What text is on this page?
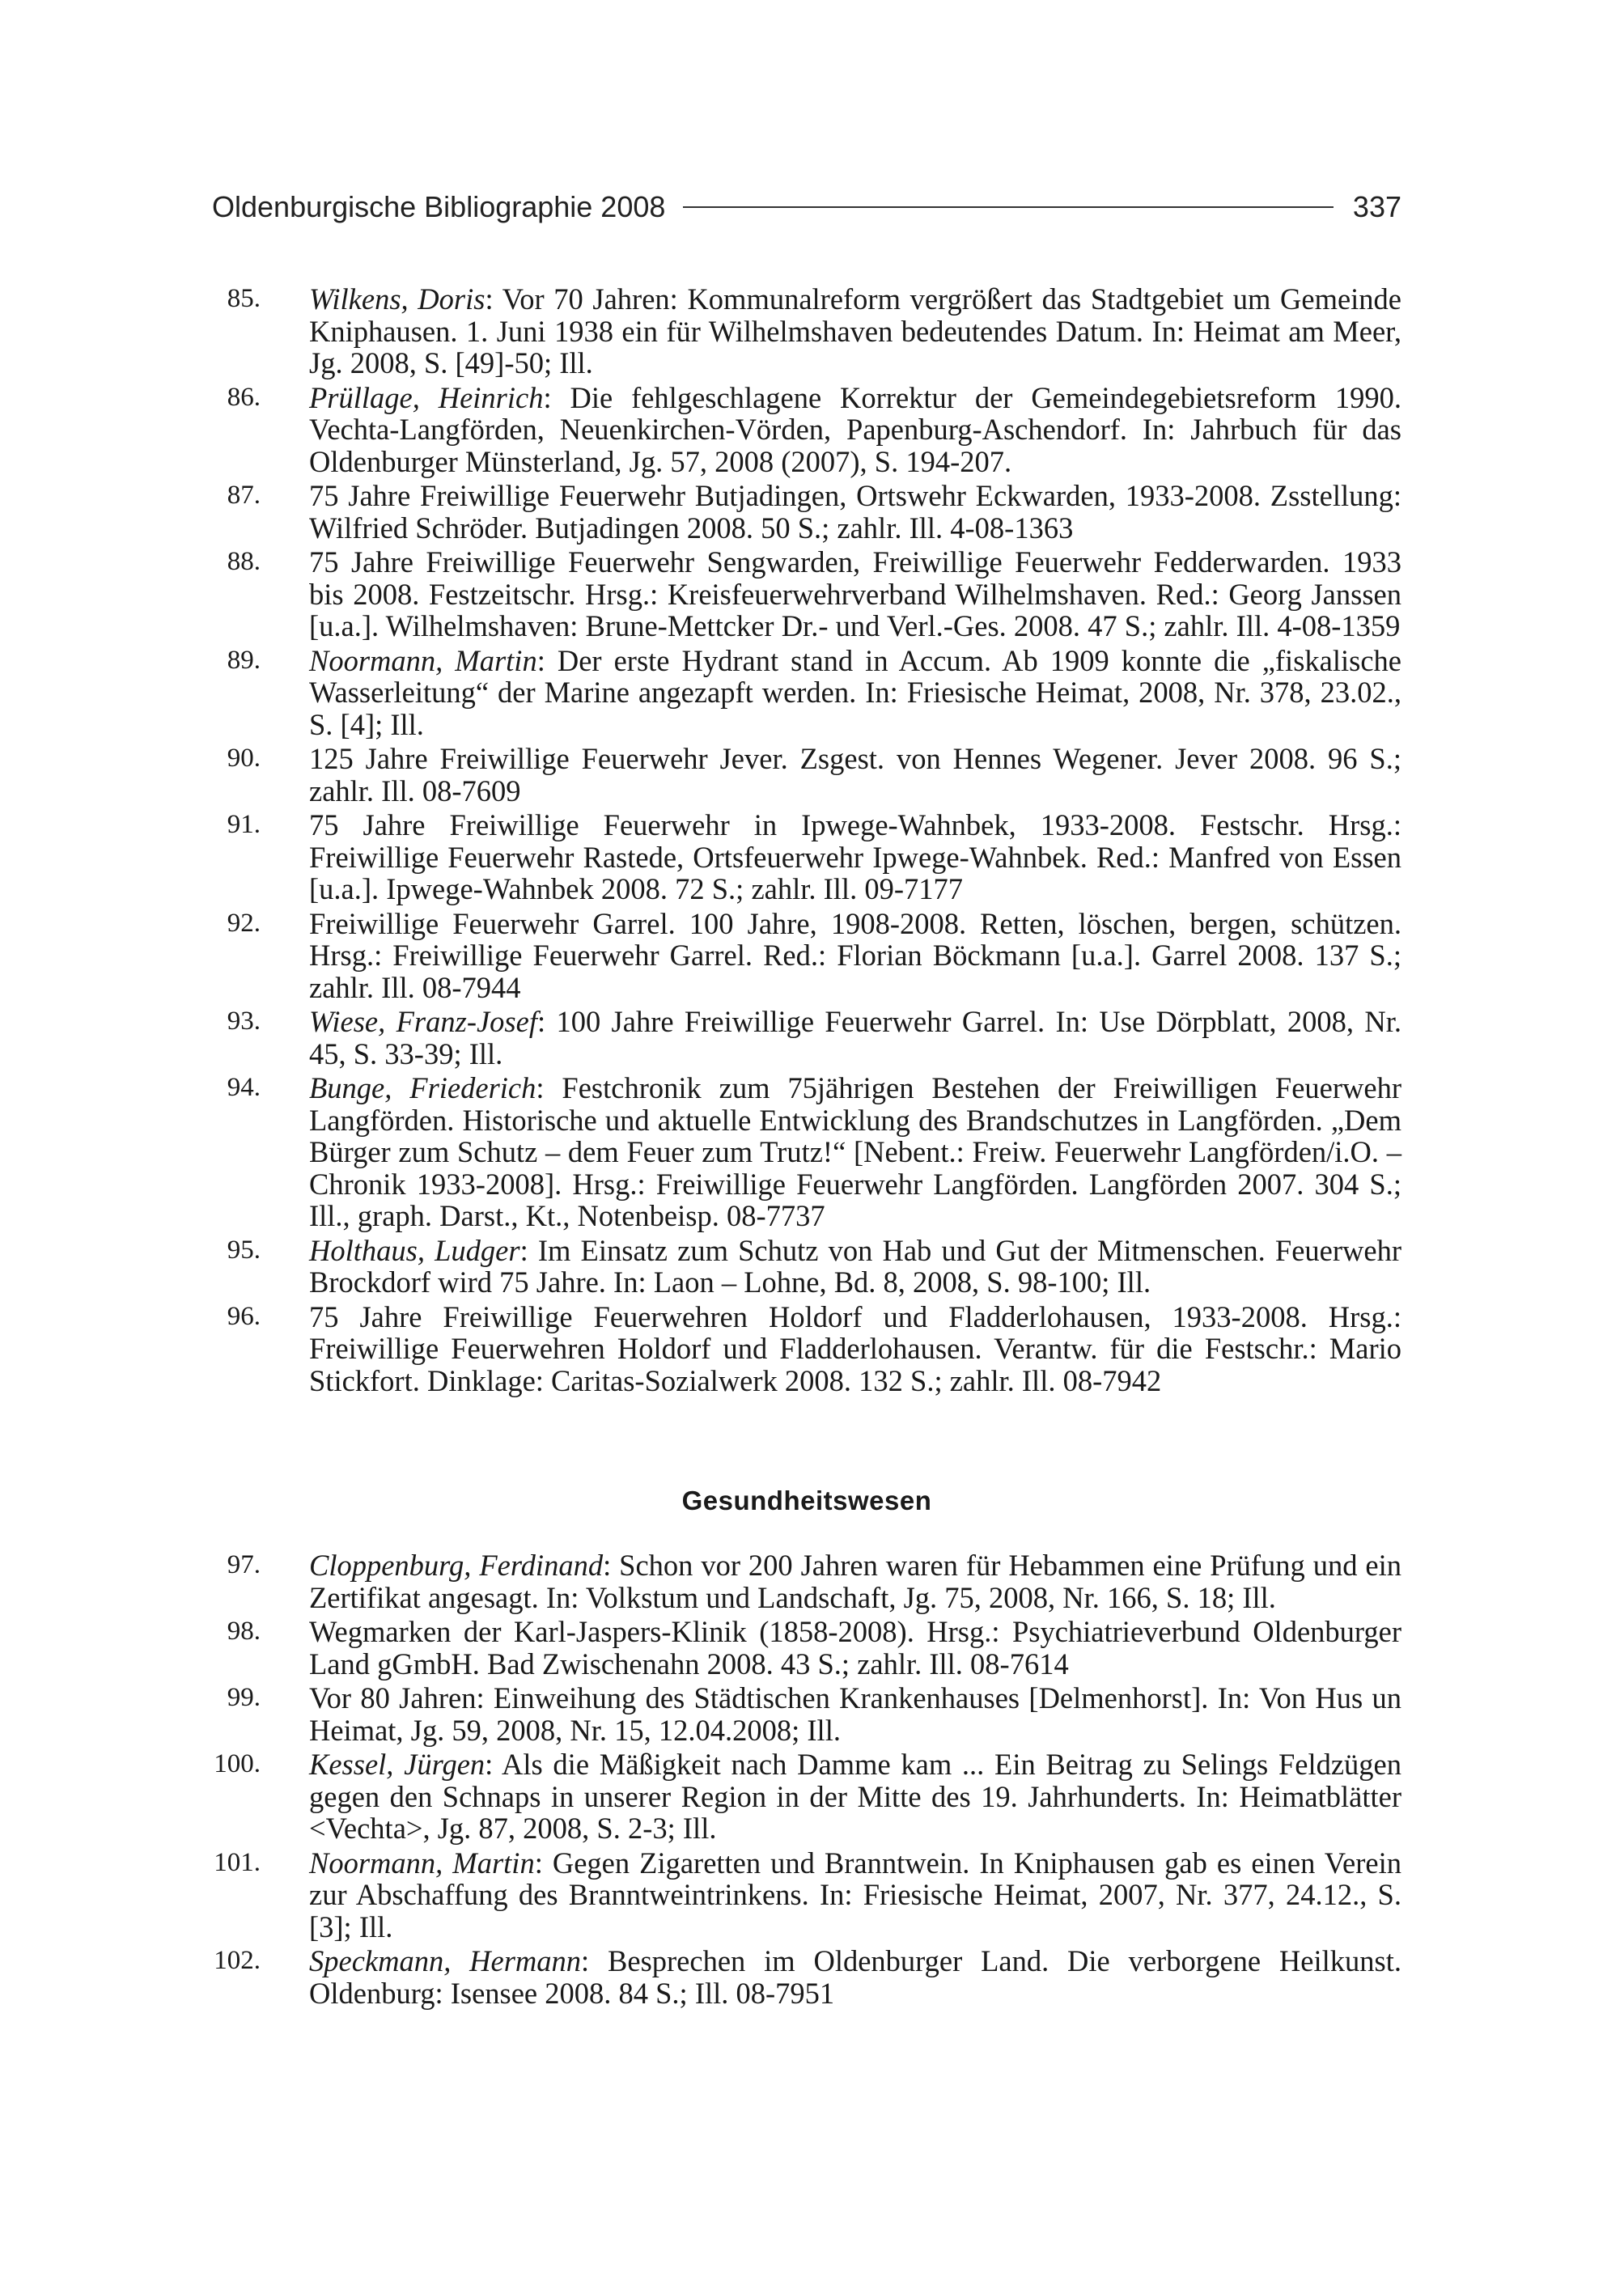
Oldenburgische Bibliographie 2008	337
85. Wilkens, Doris: Vor 70 Jahren: Kommunalreform vergrößert das Stadtgebiet um Gemeinde Kniphausen. 1. Juni 1938 ein für Wilhelmshaven bedeutendes Datum. In: Heimat am Meer, Jg. 2008, S. [49]-50; Ill.
86. Prüllage, Heinrich: Die fehlgeschlagene Korrektur der Gemeindegebietsreform 1990. Vechta-Langförden, Neuenkirchen-Vörden, Papenburg-Aschendorf. In: Jahrbuch für das Oldenburger Münsterland, Jg. 57, 2008 (2007), S. 194-207.
87. 75 Jahre Freiwillige Feuerwehr Butjadingen, Ortswehr Eckwarden, 1933-2008. Zsstellung: Wilfried Schröder. Butjadingen 2008. 50 S.; zahlr. Ill. 4-08-1363
88. 75 Jahre Freiwillige Feuerwehr Sengwarden, Freiwillige Feuerwehr Fedderwarden. 1933 bis 2008. Festzeitschr. Hrsg.: Kreisfeuerwehrverband Wilhelmshaven. Red.: Georg Janssen [u.a.]. Wilhelmshaven: Brune-Mettcker Dr.- und Verl.-Ges. 2008. 47 S.; zahlr. Ill. 4-08-1359
89. Noormann, Martin: Der erste Hydrant stand in Accum. Ab 1909 konnte die „fiskalische Wasserleitung“ der Marine angezapft werden. In: Friesische Heimat, 2008, Nr. 378, 23.02., S. [4]; Ill.
90. 125 Jahre Freiwillige Feuerwehr Jever. Zsgest. von Hennes Wegener. Jever 2008. 96 S.; zahlr. Ill. 08-7609
91. 75 Jahre Freiwillige Feuerwehr in Ipwege-Wahnbek, 1933-2008. Festschr. Hrsg.: Freiwillige Feuerwehr Rastede, Ortsfeuerwehr Ipwege-Wahnbek. Red.: Manfred von Essen [u.a.]. Ipwege-Wahnbek 2008. 72 S.; zahlr. Ill. 09-7177
92. Freiwillige Feuerwehr Garrel. 100 Jahre, 1908-2008. Retten, löschen, bergen, schützen. Hrsg.: Freiwillige Feuerwehr Garrel. Red.: Florian Böckmann [u.a.]. Garrel 2008. 137 S.; zahlr. Ill. 08-7944
93. Wiese, Franz-Josef: 100 Jahre Freiwillige Feuerwehr Garrel. In: Use Dörpblatt, 2008, Nr. 45, S. 33-39; Ill.
94. Bunge, Friederich: Festchronik zum 75jährigen Bestehen der Freiwilligen Feuerwehr Langförden. Historische und aktuelle Entwicklung des Brandschutzes in Langförden. „Dem Bürger zum Schutz – dem Feuer zum Trutz!“ [Nebent.: Freiw. Feuerwehr Langförden/i.O. – Chronik 1933-2008]. Hrsg.: Freiwillige Feuerwehr Langförden. Langförden 2007. 304 S.; Ill., graph. Darst., Kt., Notenbeisp. 08-7737
95. Holthaus, Ludger: Im Einsatz zum Schutz von Hab und Gut der Mitmenschen. Feuerwehr Brockdorf wird 75 Jahre. In: Laon – Lohne, Bd. 8, 2008, S. 98-100; Ill.
96. 75 Jahre Freiwillige Feuerwehren Holdorf und Fladderlohausen, 1933-2008. Hrsg.: Freiwillige Feuerwehren Holdorf und Fladderlohausen. Verantw. für die Festschr.: Mario Stickfort. Dinklage: Caritas-Sozialwerk 2008. 132 S.; zahlr. Ill. 08-7942
Gesundheitswesen
97. Cloppenburg, Ferdinand: Schon vor 200 Jahren waren für Hebammen eine Prüfung und ein Zertifikat angesagt. In: Volkstum und Landschaft, Jg. 75, 2008, Nr. 166, S. 18; Ill.
98. Wegmarken der Karl-Jaspers-Klinik (1858-2008). Hrsg.: Psychiatrieverbund Oldenburger Land gGmbH. Bad Zwischenahn 2008. 43 S.; zahlr. Ill. 08-7614
99. Vor 80 Jahren: Einweihung des Städtischen Krankenhauses [Delmenhorst]. In: Von Hus un Heimat, Jg. 59, 2008, Nr. 15, 12.04.2008; Ill.
100. Kessel, Jürgen: Als die Mäßigkeit nach Damme kam ... Ein Beitrag zu Selings Feldzügen gegen den Schnaps in unserer Region in der Mitte des 19. Jahrhunderts. In: Heimatblätter <Vechta>, Jg. 87, 2008, S. 2-3; Ill.
101. Noormann, Martin: Gegen Zigaretten und Branntwein. In Kniphausen gab es einen Verein zur Abschaffung des Branntweintrinkens. In: Friesische Heimat, 2007, Nr. 377, 24.12., S. [3]; Ill.
102. Speckmann, Hermann: Besprechen im Oldenburger Land. Die verborgene Heilkunst. Oldenburg: Isensee 2008. 84 S.; Ill. 08-7951
